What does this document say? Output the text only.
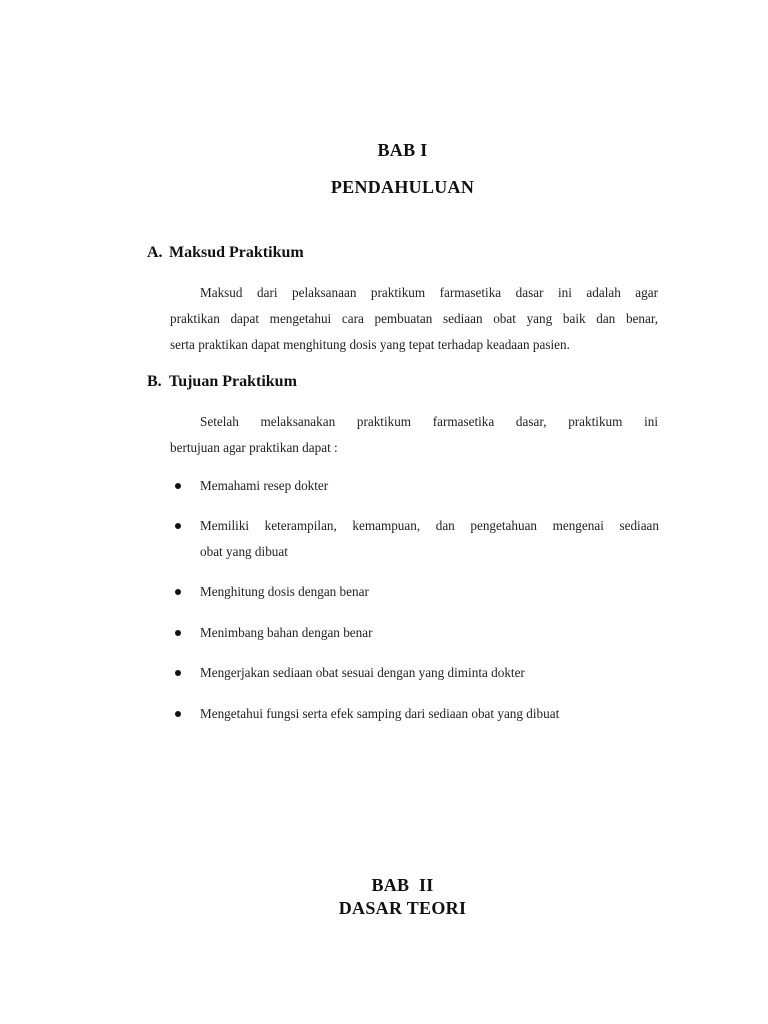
BAB I
PENDAHULUAN
A. Maksud Praktikum
Maksud dari pelaksanaan praktikum farmasetika dasar ini adalah agar
praktikan dapat mengetahui cara pembuatan sediaan obat yang baik dan benar,
serta praktikan dapat menghitung dosis yang tepat terhadap keadaan pasien.
B. Tujuan Praktikum
Setelah melaksanakan praktikum farmasetika dasar, praktikum ini
bertujuan agar praktikan dapat :
Memahami resep dokter
Memiliki keterampilan, kemampuan, dan pengetahuan mengenai sediaan
obat yang dibuat
Menghitung dosis dengan benar
Menimbang bahan dengan benar
Mengerjakan sediaan obat sesuai dengan yang diminta dokter
Mengetahui fungsi serta efek samping dari sediaan obat yang dibuat
BAB  II
DASAR TEORI
